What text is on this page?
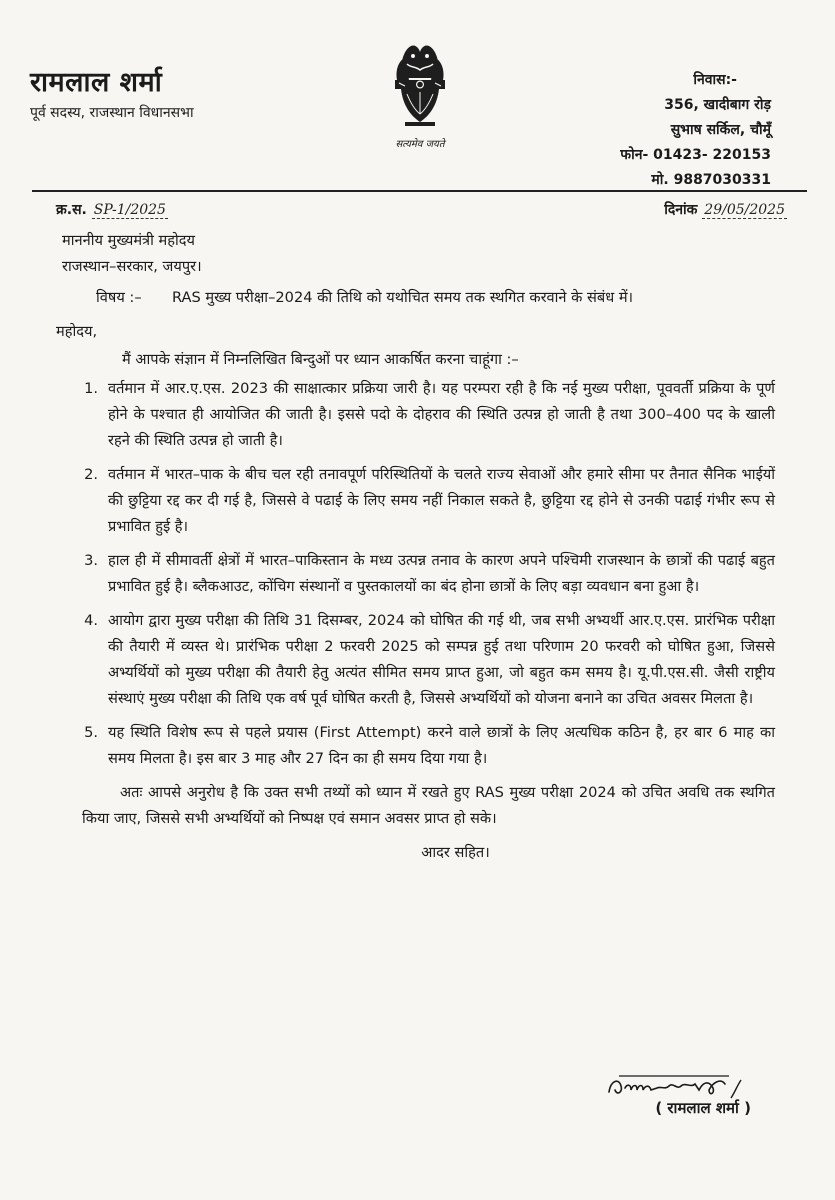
रामलाल शर्मा
पूर्व सदस्य, राजस्थान विधानसभा
सत्यमेव जयते
निवास:-
356, खादीबाग रोड़
सुभाष सर्किल, चौमूँ
फोन- 01423- 220153
मो. 9887030331
क्र.स. SP-1/2025	दिनांक 29/05/2025
माननीय मुख्यमंत्री महोदय
राजस्थान–सरकार, जयपुर।
विषय :–	RAS मुख्य परीक्षा–2024 की तिथि को यथोचित समय तक स्थगित करवाने के संबंध में।
महोदय,
मैं आपके संज्ञान में निम्नलिखित बिन्दुओं पर ध्यान आकर्षित करना चाहूंगा :–
1. वर्तमान में आर.ए.एस. 2023 की साक्षात्कार प्रक्रिया जारी है। यह परम्परा रही है कि नई मुख्य परीक्षा, पूववर्ती प्रक्रिया के पूर्ण होने के पश्चात ही आयोजित की जाती है। इससे पदो के दोहराव की स्थिति उत्पन्न हो जाती है तथा 300–400 पद के खाली रहने की स्थिति उत्पन्न हो जाती है।
2. वर्तमान में भारत–पाक के बीच चल रही तनावपूर्ण परिस्थितियों के चलते राज्य सेवाओं और हमारे सीमा पर तैनात सैनिक भाईयों की छुट्टिया रद्द कर दी गई है, जिससे वे पढाई के लिए समय नहीं निकाल सकते है, छुट्टिया रद्द होने से उनकी पढाई गंभीर रूप से प्रभावित हुई है।
3. हाल ही में सीमावर्ती क्षेत्रों में भारत–पाकिस्तान के मध्य उत्पन्न तनाव के कारण अपने पश्चिमी राजस्थान के छात्रों की पढाई बहुत प्रभावित हुई है। ब्लैकआउट, कोंचिग संस्थानों व पुस्तकालयों का बंद होना छात्रों के लिए बड़ा व्यवधान बना हुआ है।
4. आयोग द्वारा मुख्य परीक्षा की तिथि 31 दिसम्बर, 2024 को घोषित की गई थी, जब सभी अभ्यर्थी आर.ए.एस. प्रारंभिक परीक्षा की तैयारी में व्यस्त थे। प्रारंभिक परीक्षा 2 फरवरी 2025 को सम्पन्न हुई तथा परिणाम 20 फरवरी को घोषित हुआ, जिससे अभ्यर्थियों को मुख्य परीक्षा की तैयारी हेतु अत्यंत सीमित समय प्राप्त हुआ, जो बहुत कम समय है। यू.पी.एस.सी. जैसी राष्ट्रीय संस्थाएं मुख्य परीक्षा की तिथि एक वर्ष पूर्व घोषित करती है, जिससे अभ्यर्थियों को योजना बनाने का उचित अवसर मिलता है।
5. यह स्थिति विशेष रूप से पहले प्रयास (First Attempt) करने वाले छात्रों के लिए अत्यधिक कठिन है, हर बार 6 माह का समय मिलता है। इस बार 3 माह और 27 दिन का ही समय दिया गया है।
अतः आपसे अनुरोध है कि उक्त सभी तथ्यों को ध्यान में रखते हुए RAS मुख्य परीक्षा 2024 को उचित अवधि तक स्थगित किया जाए, जिससे सभी अभ्यर्थियों को निष्पक्ष एवं समान अवसर प्राप्त हो सके।
आदर सहित।
( रामलाल शर्मा )
